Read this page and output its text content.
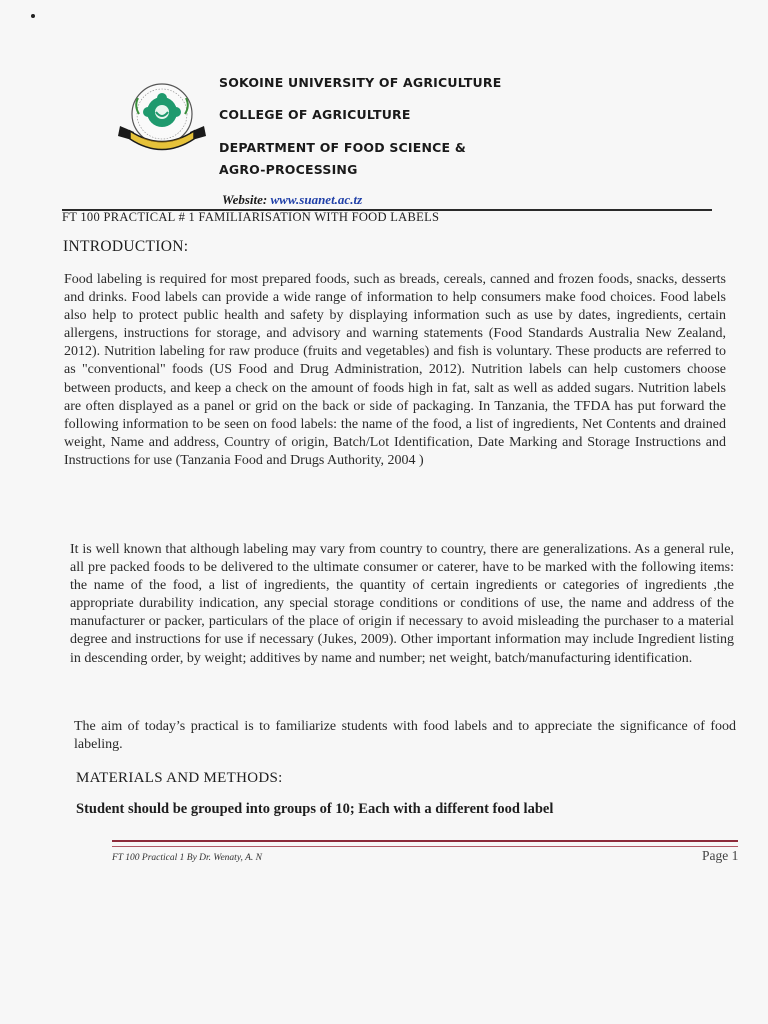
SOKOINE UNIVERSITY OF AGRICULTURE
COLLEGE OF AGRICULTURE
DEPARTMENT OF FOOD SCIENCE &
AGRO-PROCESSING
Website: www.suanet.ac.tz
FT 100 PRACTICAL # 1 FAMILIARISATION WITH FOOD LABELS
INTRODUCTION:

Food labeling is required for most prepared foods, such as breads, cereals, canned and frozen foods, snacks, desserts and drinks. Food labels can provide a wide range of information to help consumers make food choices. Food labels also help to protect public health and safety by displaying information such as use by dates, ingredients, certain allergens, instructions for storage, and advisory and warning statements (Food Standards Australia New Zealand, 2012). Nutrition labeling for raw produce (fruits and vegetables) and fish is voluntary. These products are referred to as "conventional" foods (US Food and Drug Administration, 2012). Nutrition labels can help customers choose between products, and keep a check on the amount of foods high in fat, salt as well as added sugars. Nutrition labels are often displayed as a panel or grid on the back or side of packaging. In Tanzania, the TFDA has put forward the following information to be seen on food labels: the name of the food, a list of ingredients, Net Contents and drained weight, Name and address, Country of origin, Batch/Lot Identification, Date Marking and Storage Instructions and Instructions for use (Tanzania Food and Drugs Authority, 2004 )

It is well known that although labeling may vary from country to country, there are generalizations. As a general rule, all pre packed foods to be delivered to the ultimate consumer or caterer, have to be marked with the following items: the name of the food, a list of ingredients, the quantity of certain ingredients or categories of ingredients ,the appropriate durability indication, any special storage conditions or conditions of use, the name and address of the manufacturer or packer, particulars of the place of origin if necessary to avoid misleading the purchaser to a material degree and instructions for use if necessary (Jukes, 2009). Other important information may include Ingredient listing in descending order, by weight; additives by name and number; net weight, batch/manufacturing identification.

The aim of today’s practical is to familiarize students with food labels and to appreciate the significance of food labeling.

MATERIALS AND METHODS:
Student should be grouped into groups of 10; Each with a different food label
FT 100 Practical 1 By Dr. Wenaty, A. N	Page 1
